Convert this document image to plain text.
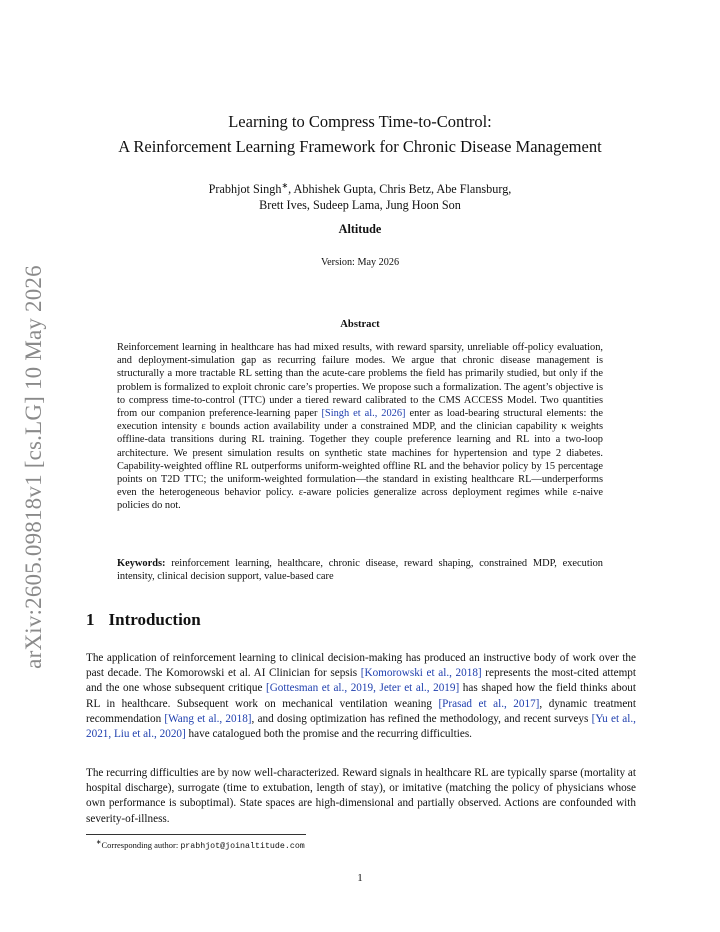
arXiv:2605.09818v1 [cs.LG] 10 May 2026
Learning to Compress Time-to-Control:
A Reinforcement Learning Framework for Chronic Disease Management
Prabhjot Singh∗, Abhishek Gupta, Chris Betz, Abe Flansburg,
Brett Ives, Sudeep Lama, Jung Hoon Son
Altitude
Version: May 2026
Abstract
Reinforcement learning in healthcare has had mixed results, with reward sparsity, unreliable off-policy evaluation, and deployment-simulation gap as recurring failure modes. We argue that chronic disease management is structurally a more tractable RL setting than the acute-care problems the field has primarily studied, but only if the problem is formalized to exploit chronic care’s properties. We propose such a formalization. The agent’s objective is to compress time-to-control (TTC) under a tiered reward calibrated to the CMS ACCESS Model. Two quantities from our companion preference-learning paper [Singh et al., 2026] enter as load-bearing structural elements: the execution intensity ε bounds action availability under a constrained MDP, and the clinician capability κ weights offline-data transitions during RL training. Together they couple preference learning and RL into a two-loop architecture. We present simulation results on synthetic state machines for hypertension and type 2 diabetes. Capability-weighted offline RL outperforms uniform-weighted offline RL and the behavior policy by 15 percentage points on T2D TTC; the uniform-weighted formulation—the standard in existing healthcare RL—underperforms even the heterogeneous behavior policy. ε-aware policies generalize across deployment regimes while ε-naive policies do not.
Keywords: reinforcement learning, healthcare, chronic disease, reward shaping, constrained MDP, execution intensity, clinical decision support, value-based care
1 Introduction
The application of reinforcement learning to clinical decision-making has produced an instructive body of work over the past decade. The Komorowski et al. AI Clinician for sepsis [Komorowski et al., 2018] represents the most-cited attempt and the one whose subsequent critique [Gottesman et al., 2019, Jeter et al., 2019] has shaped how the field thinks about RL in healthcare. Subsequent work on mechanical ventilation weaning [Prasad et al., 2017], dynamic treatment recommendation [Wang et al., 2018], and dosing optimization has refined the methodology, and recent surveys [Yu et al., 2021, Liu et al., 2020] have catalogued both the promise and the recurring difficulties.
The recurring difficulties are by now well-characterized. Reward signals in healthcare RL are typically sparse (mortality at hospital discharge), surrogate (time to extubation, length of stay), or imitative (matching the policy of physicians whose own performance is suboptimal). State spaces are high-dimensional and partially observed. Actions are confounded with severity-of-illness.
∗Corresponding author: prabhjot@joinaltitude.com
1
